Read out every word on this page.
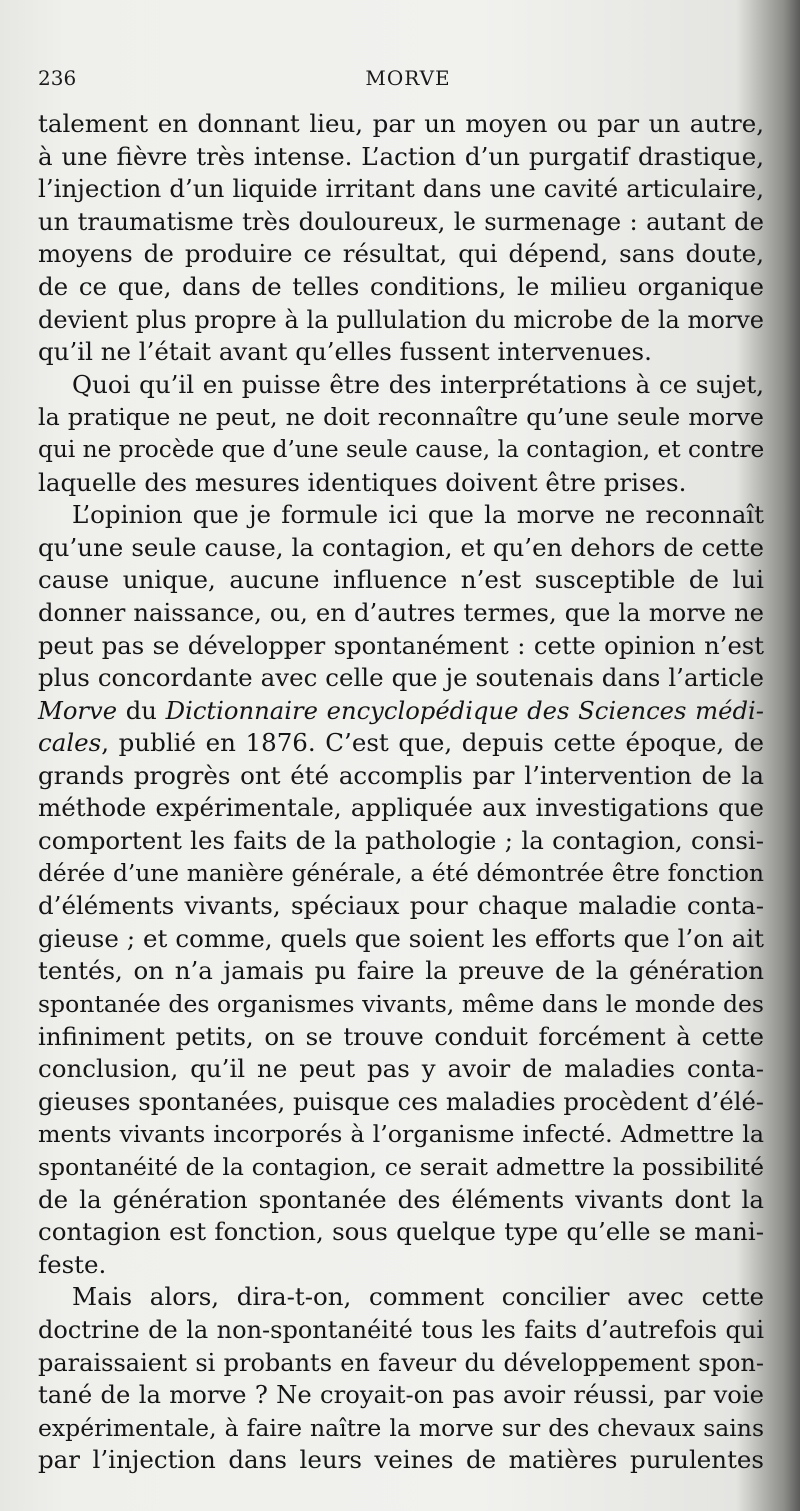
236	MORVE
talement en donnant lieu, par un moyen ou par un autre,
à une fièvre très intense. L’action d’un purgatif drastique,
l’injection d’un liquide irritant dans une cavité articulaire,
un traumatisme très douloureux, le surmenage : autant de
moyens de produire ce résultat, qui dépend, sans doute,
de ce que, dans de telles conditions, le milieu organique
devient plus propre à la pullulation du microbe de la morve
qu’il ne l’était avant qu’elles fussent intervenues.
Quoi qu’il en puisse être des interprétations à ce sujet,
la pratique ne peut, ne doit reconnaître qu’une seule morve
qui ne procède que d’une seule cause, la contagion, et contre
laquelle des mesures identiques doivent être prises.
L’opinion que je formule ici que la morve ne reconnaît
qu’une seule cause, la contagion, et qu’en dehors de cette
cause unique, aucune influence n’est susceptible de lui
donner naissance, ou, en d’autres termes, que la morve ne
peut pas se développer spontanément : cette opinion n’est
plus concordante avec celle que je soutenais dans l’article
Morve du Dictionnaire encyclopédique des Sciences médi-
cales, publié en 1876. C’est que, depuis cette époque, de
grands progrès ont été accomplis par l’intervention de la
méthode expérimentale, appliquée aux investigations que
comportent les faits de la pathologie ; la contagion, consi-
dérée d’une manière générale, a été démontrée être fonction
d’éléments vivants, spéciaux pour chaque maladie conta-
gieuse ; et comme, quels que soient les efforts que l’on ait
tentés, on n’a jamais pu faire la preuve de la génération
spontanée des organismes vivants, même dans le monde des
infiniment petits, on se trouve conduit forcément à cette
conclusion, qu’il ne peut pas y avoir de maladies conta-
gieuses spontanées, puisque ces maladies procèdent d’élé-
ments vivants incorporés à l’organisme infecté. Admettre la
spontanéité de la contagion, ce serait admettre la possibilité
de la génération spontanée des éléments vivants dont la
contagion est fonction, sous quelque type qu’elle se mani-
feste.
Mais alors, dira-t-on, comment concilier avec cette
doctrine de la non-spontanéité tous les faits d’autrefois qui
paraissaient si probants en faveur du développement spon-
tané de la morve ? Ne croyait-on pas avoir réussi, par voie
expérimentale, à faire naître la morve sur des chevaux sains
par l’injection dans leurs veines de matières purulentes
